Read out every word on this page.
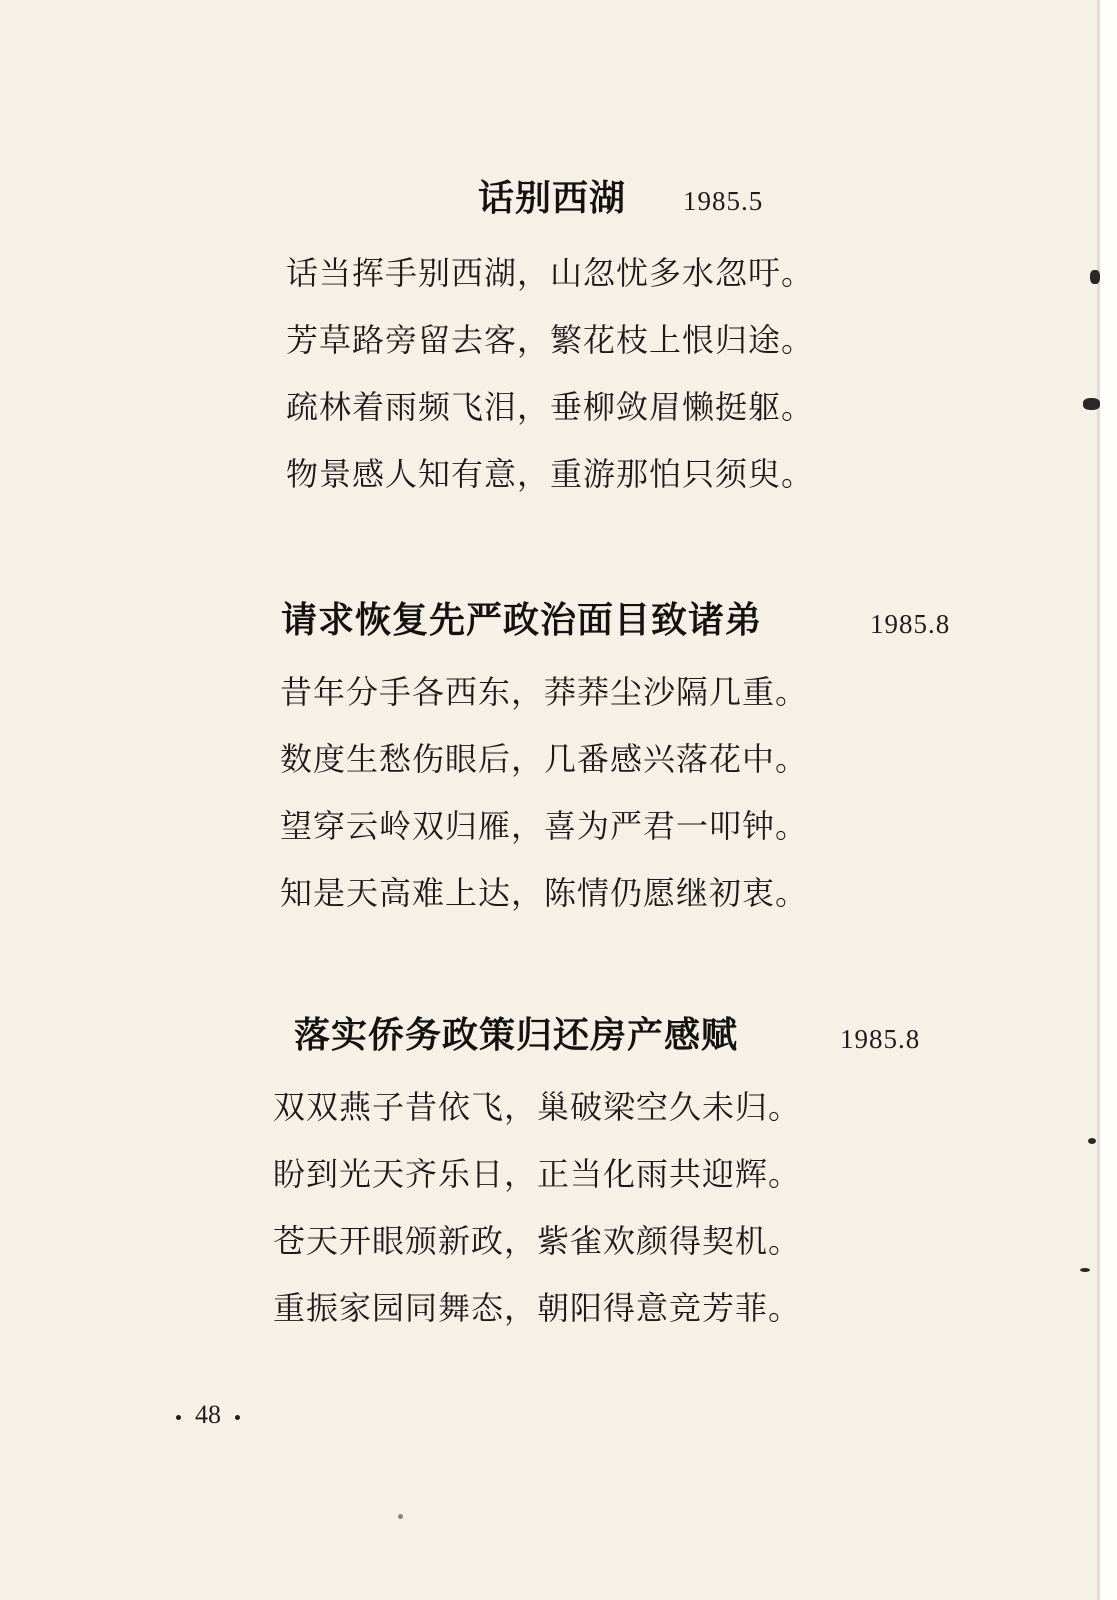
话别西湖 1985.5
话当挥手别西湖，山忽忧多水忽吁。
芳草路旁留去客，繁花枝上恨归途。
疏林着雨频飞泪，垂柳敛眉懒挺躯。
物景感人知有意，重游那怕只须臾。
请求恢复先严政治面目致诸弟	1985.8
昔年分手各西东，莽莽尘沙隔几重。
数度生愁伤眼后，几番感兴落花中。
望穿云岭双归雁，喜为严君一叩钟。
知是天高难上达，陈情仍愿继初衷。
落实侨务政策归还房产感赋	1985.8
双双燕子昔依飞，巢破梁空久未归。
盼到光天齐乐日，正当化雨共迎辉。
苍天开眼颁新政，紫雀欢颜得契机。
重振家园同舞态，朝阳得意竞芳菲。
48
